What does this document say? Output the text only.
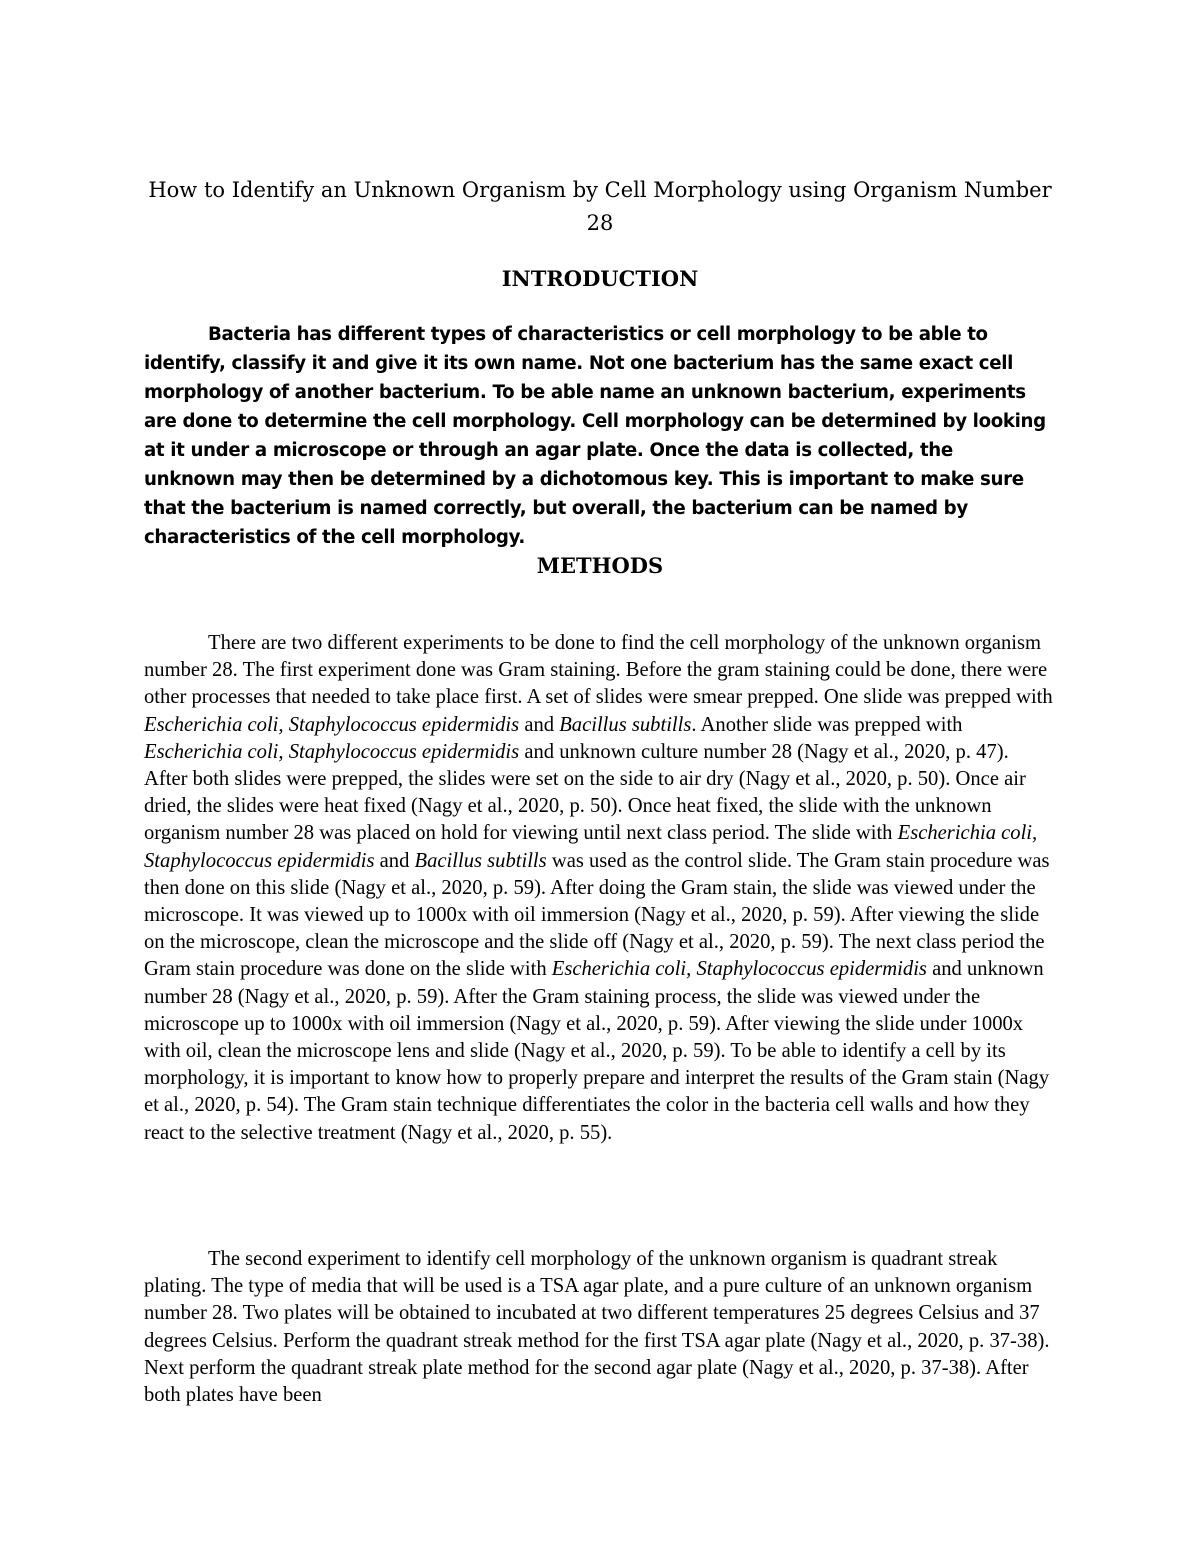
How to Identify an Unknown Organism by Cell Morphology using Organism Number 28
INTRODUCTION

Bacteria has different types of characteristics or cell morphology to be able to identify, classify it and give it its own name. Not one bacterium has the same exact cell morphology of another bacterium. To be able name an unknown bacterium, experiments are done to determine the cell morphology. Cell morphology can be determined by looking at it under a microscope or through an agar plate. Once the data is collected, the unknown may then be determined by a dichotomous key. This is important to make sure that the bacterium is named correctly, but overall, the bacterium can be named by characteristics of the cell morphology.

METHODS

There are two different experiments to be done to find the cell morphology of the unknown organism number 28. The first experiment done was Gram staining. Before the gram staining could be done, there were other processes that needed to take place first. A set of slides were smear prepped. One slide was prepped with Escherichia coli, Staphylococcus epidermidis and Bacillus subtills. Another slide was prepped with Escherichia coli, Staphylococcus epidermidis and unknown culture number 28 (Nagy et al., 2020, p. 47). After both slides were prepped, the slides were set on the side to air dry (Nagy et al., 2020, p. 50). Once air dried, the slides were heat fixed (Nagy et al., 2020, p. 50). Once heat fixed, the slide with the unknown organism number 28 was placed on hold for viewing until next class period. The slide with Escherichia coli, Staphylococcus epidermidis and Bacillus subtills was used as the control slide. The Gram stain procedure was then done on this slide (Nagy et al., 2020, p. 59). After doing the Gram stain, the slide was viewed under the microscope. It was viewed up to 1000x with oil immersion (Nagy et al., 2020, p. 59). After viewing the slide on the microscope, clean the microscope and the slide off (Nagy et al., 2020, p. 59). The next class period the Gram stain procedure was done on the slide with Escherichia coli, Staphylococcus epidermidis and unknown number 28 (Nagy et al., 2020, p. 59). After the Gram staining process, the slide was viewed under the microscope up to 1000x with oil immersion (Nagy et al., 2020, p. 59). After viewing the slide under 1000x with oil, clean the microscope lens and slide (Nagy et al., 2020, p. 59). To be able to identify a cell by its morphology, it is important to know how to properly prepare and interpret the results of the Gram stain (Nagy et al., 2020, p. 54). The Gram stain technique differentiates the color in the bacteria cell walls and how they react to the selective treatment (Nagy et al., 2020, p. 55).

The second experiment to identify cell morphology of the unknown organism is quadrant streak plating. The type of media that will be used is a TSA agar plate, and a pure culture of an unknown organism number 28. Two plates will be obtained to incubated at two different temperatures 25 degrees Celsius and 37 degrees Celsius. Perform the quadrant streak method for the first TSA agar plate (Nagy et al., 2020, p. 37-38). Next perform the quadrant streak plate method for the second agar plate (Nagy et al., 2020, p. 37-38). After both plates have been
